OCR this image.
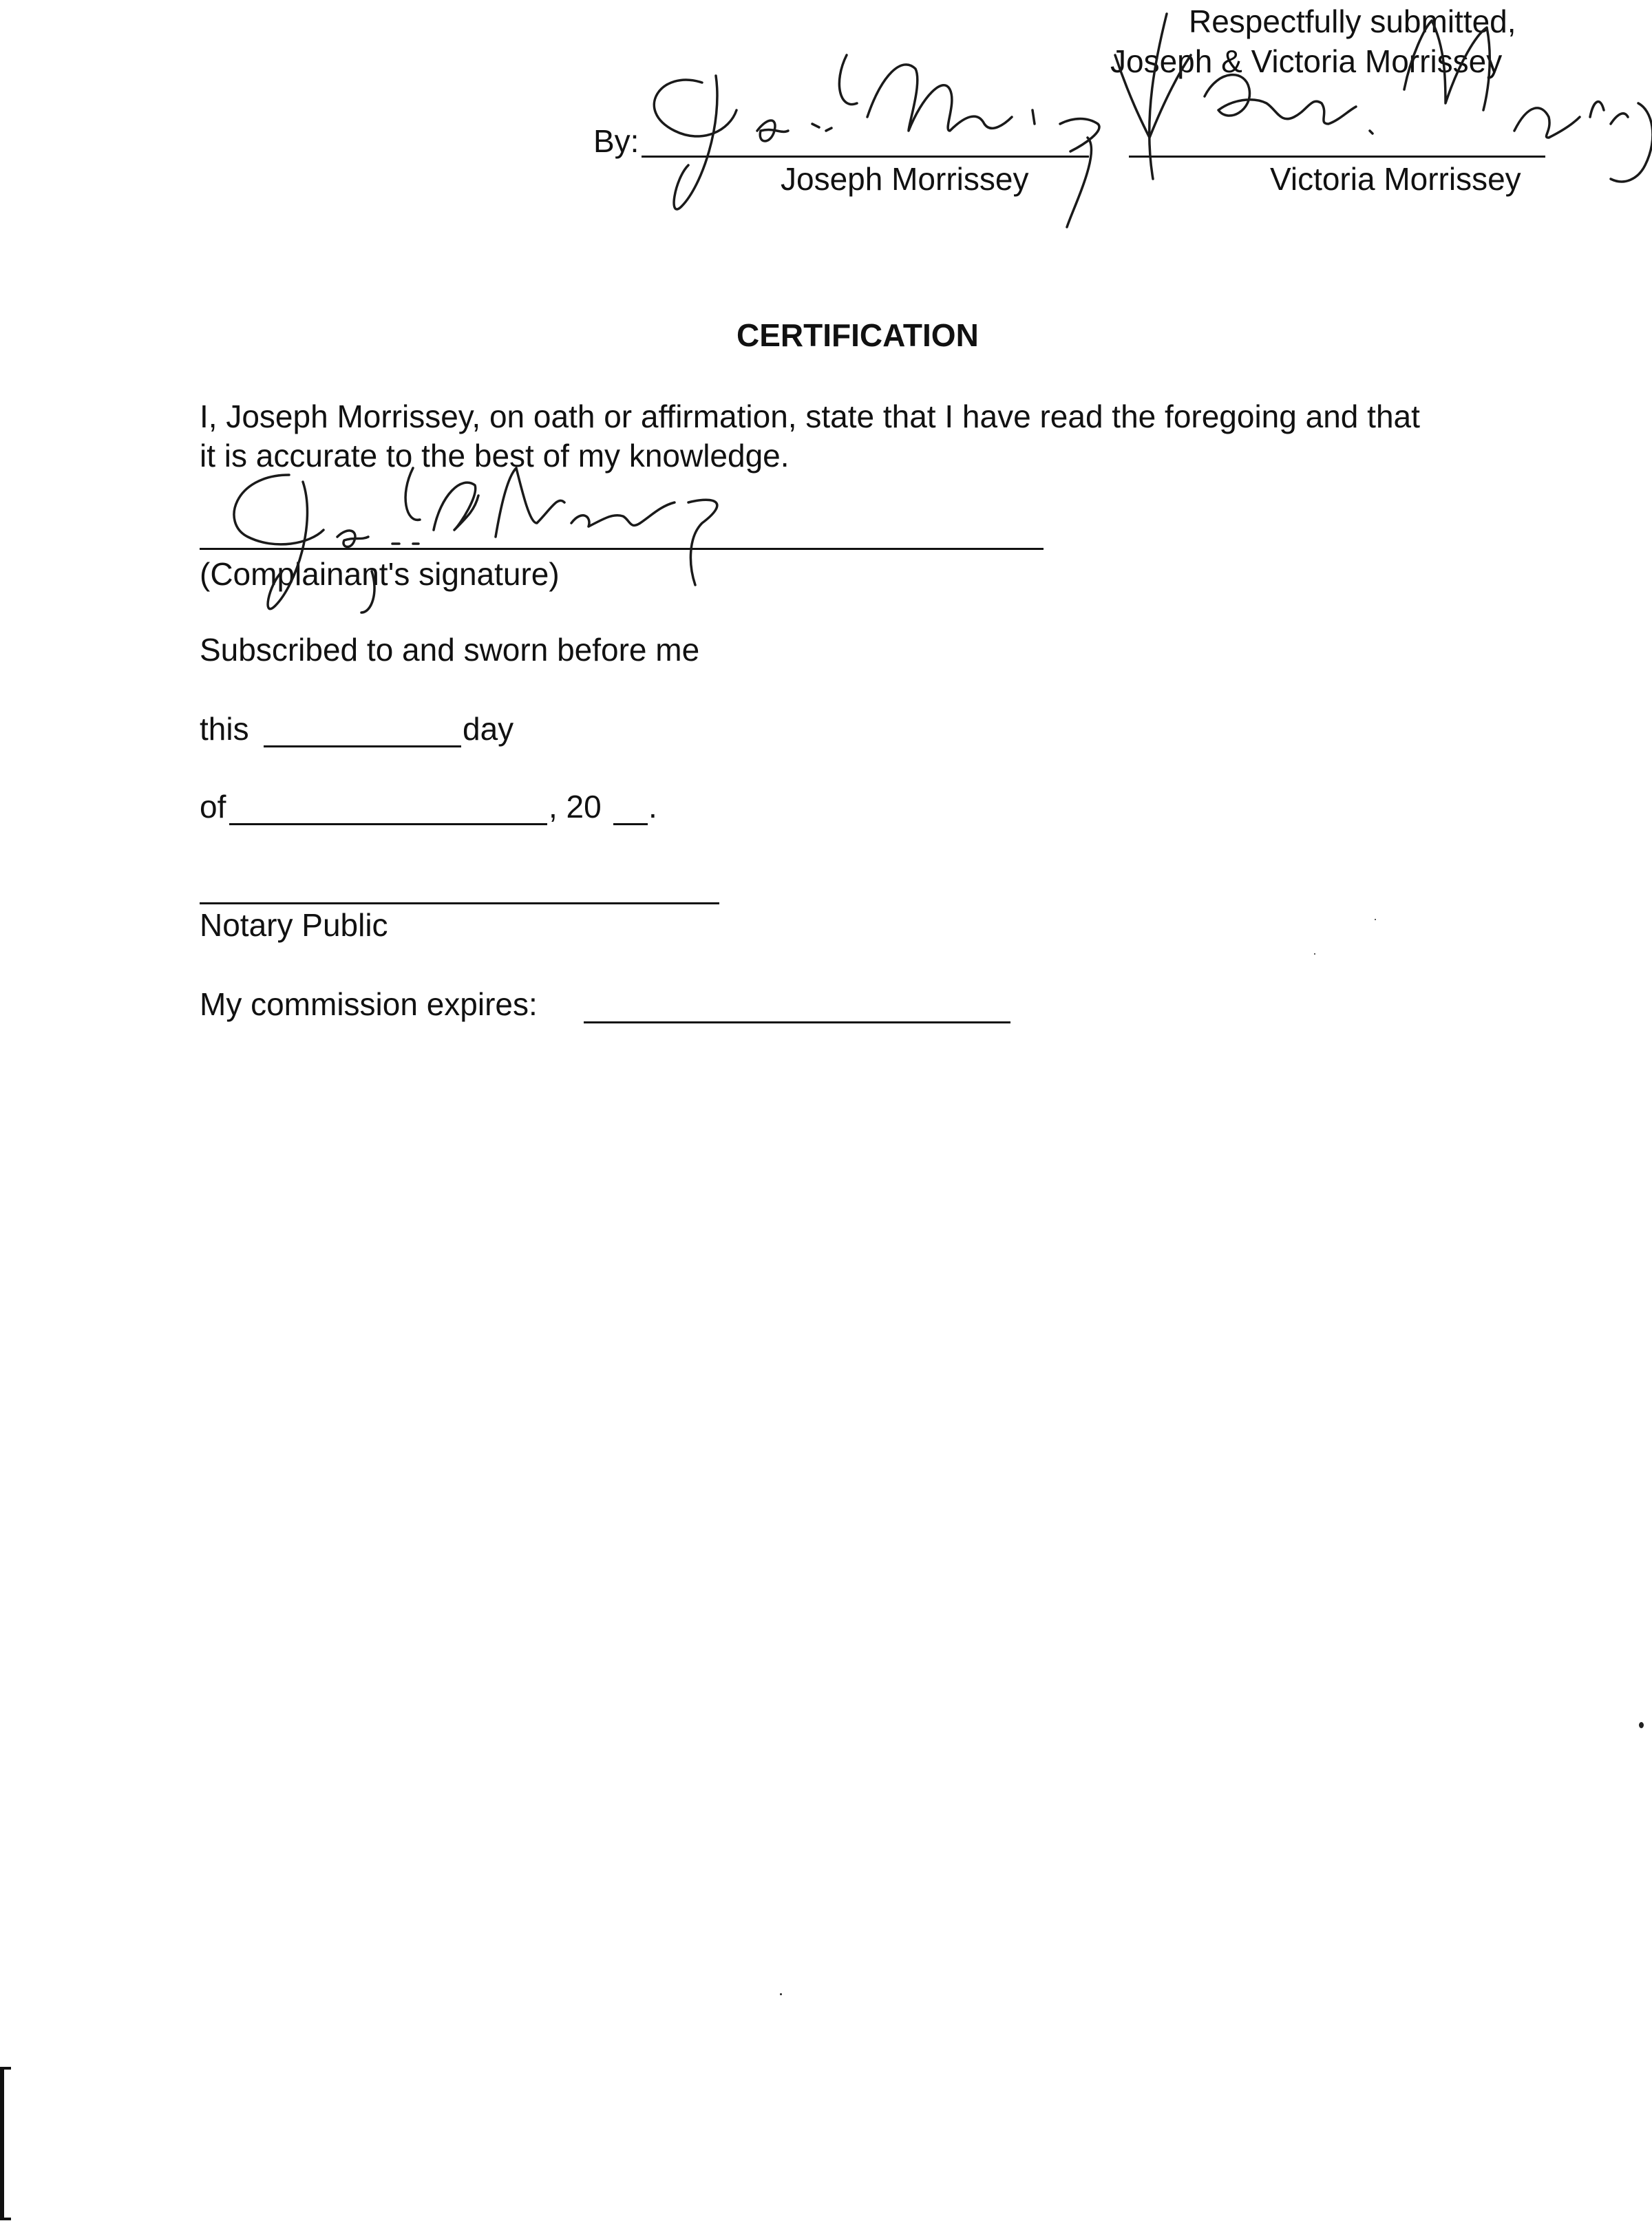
Respectfully submitted,
Joseph & Victoria Morrissey
By:
Joseph Morrissey	Victoria Morrissey
CERTIFICATION
I, Joseph Morrissey, on oath or affirmation, state that I have read the foregoing and that
it is accurate to the best of my knowledge.
(Complainant's signature)
Subscribed to and sworn before me
this	day
of	, 20 .
Notary Public
My commission expires:
